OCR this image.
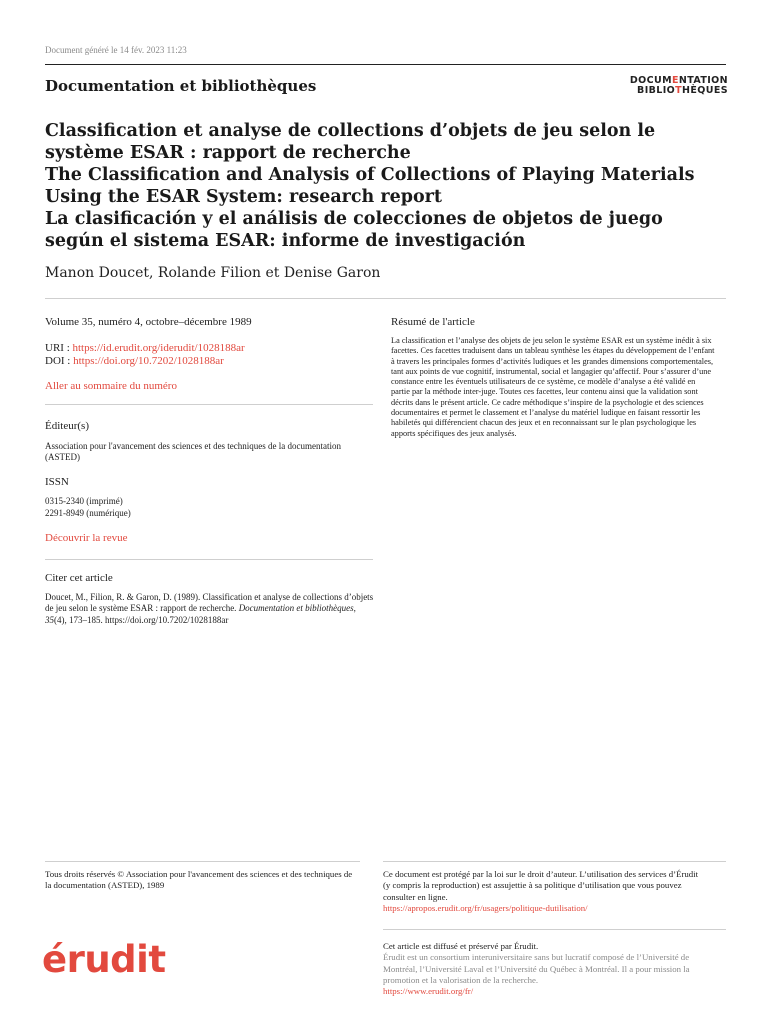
Document généré le 14 fév. 2023 11:23
Documentation et bibliothèques	DOCUMENTATION
BIBLIOTHÈQUES

Classification et analyse de collections d’objets de jeu selon le système ESAR : rapport de recherche

The Classification and Analysis of Collections of Playing Materials Using the ESAR System: research report

La clasificación y el análisis de colecciones de objetos de juego según el sistema ESAR: informe de investigación

Manon Doucet, Rolande Filion et Denise Garon
Volume 35, numéro 4, octobre–décembre 1989
URI : https://id.erudit.org/iderudit/1028188ar
DOI : https://doi.org/10.7202/1028188ar
Aller au sommaire du numéro
Éditeur(s)
Association pour l'avancement des sciences et des techniques de la documentation (ASTED)
ISSN
0315-2340 (imprimé)
2291-8949 (numérique)
Découvrir la revue
Citer cet article
Doucet, M., Filion, R. & Garon, D. (1989). Classification et analyse de collections d’objets de jeu selon le système ESAR : rapport de recherche. Documentation et bibliothèques, 35(4), 173–185. https://doi.org/10.7202/1028188ar
Résumé de l'article
La classification et l’analyse des objets de jeu selon le système ESAR est un système inédit à six facettes. Ces facettes traduisent dans un tableau synthèse les étapes du développement de l’enfant à travers les principales formes d’activités ludiques et les grandes dimensions comportementales, tant aux points de vue cognitif, instrumental, social et langagier qu’affectif. Pour s’assurer d’une constance entre les éventuels utilisateurs de ce système, ce modèle d’analyse a été validé en partie par la méthode inter-juge. Toutes ces facettes, leur contenu ainsi que la validation sont décrits dans le présent article. Ce cadre méthodique s’inspire de la psychologie et des sciences documentaires et permet le classement et l’analyse du matériel ludique en faisant ressortir les habiletés qui différencient chacun des jeux et en reconnaissant sur le plan psychologique les apports spécifiques des jeux analysés.
Tous droits réservés © Association pour l'avancement des sciences et des techniques de la documentation (ASTED), 1989
Ce document est protégé par la loi sur le droit d’auteur. L’utilisation des services d’Érudit (y compris la reproduction) est assujettie à sa politique d’utilisation que vous pouvez consulter en ligne.
https://apropos.erudit.org/fr/usagers/politique-dutilisation/
érudit	Cet article est diffusé et préservé par Érudit.
Érudit est un consortium interuniversitaire sans but lucratif composé de l’Université de Montréal, l’Université Laval et l’Université du Québec à Montréal. Il a pour mission la promotion et la valorisation de la recherche.
https://www.erudit.org/fr/
